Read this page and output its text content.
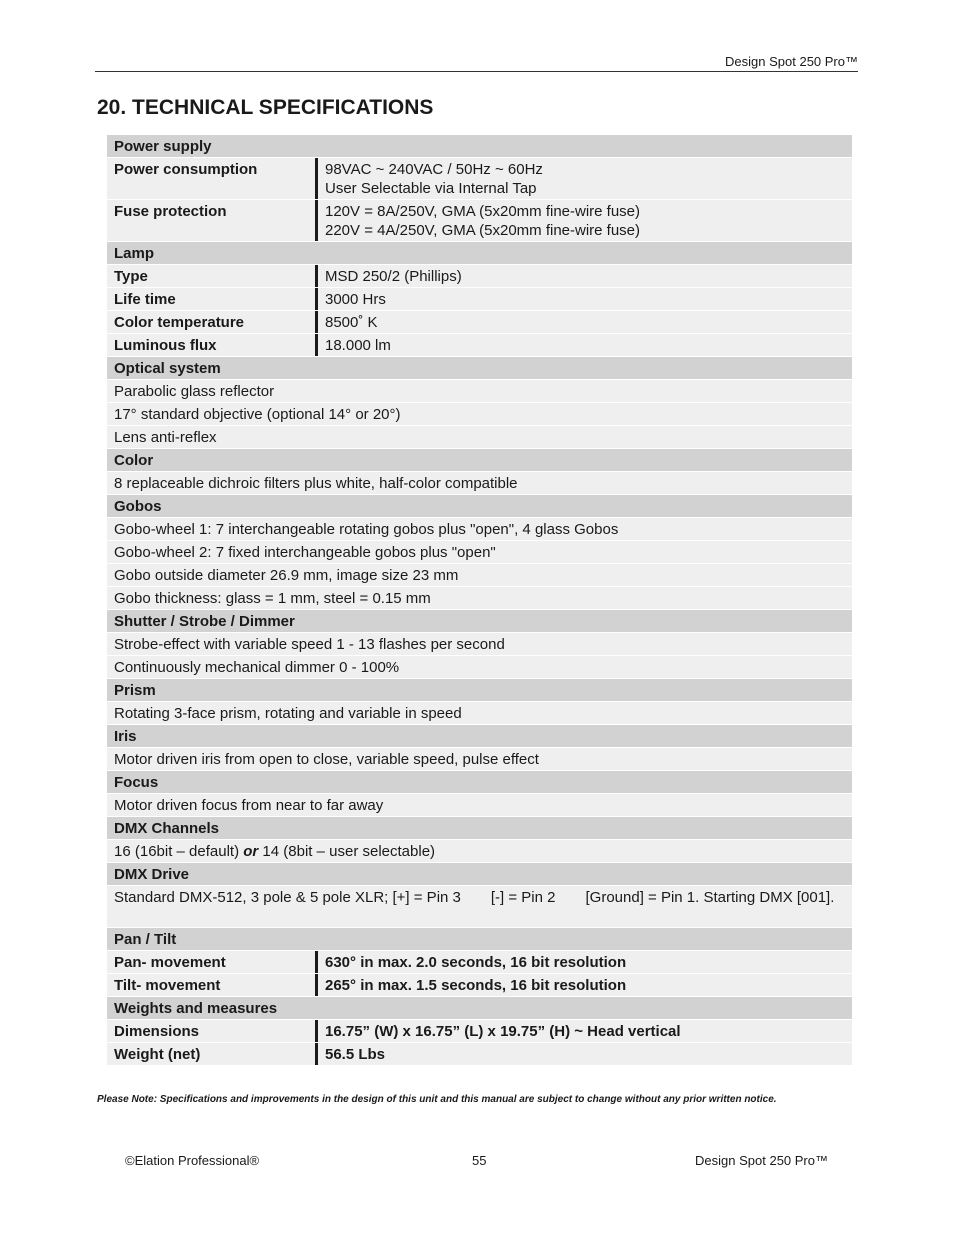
Design Spot 250 Pro™
20. TECHNICAL SPECIFICATIONS
Power supply
Power consumption	98VAC ~ 240VAC / 50Hz ~ 60Hz
User Selectable via Internal Tap
Fuse protection	120V = 8A/250V, GMA (5x20mm fine-wire fuse)
220V = 4A/250V, GMA (5x20mm fine-wire fuse)
Lamp
Type	MSD 250/2 (Phillips)
Life time	3000 Hrs
Color temperature	8500˚ K
Luminous flux	18.000 lm
Optical system
Parabolic glass reflector
17° standard objective (optional 14° or 20°)
Lens anti-reflex
Color
8 replaceable dichroic filters plus white, half-color compatible
Gobos
Gobo-wheel 1: 7 interchangeable rotating gobos plus "open", 4 glass Gobos
Gobo-wheel 2: 7 fixed interchangeable gobos plus "open"
Gobo outside diameter 26.9 mm, image size 23 mm
Gobo thickness: glass = 1 mm, steel = 0.15 mm
Shutter / Strobe / Dimmer
Strobe-effect with variable speed 1 - 13 flashes per second
Continuously mechanical dimmer 0 - 100%
Prism
Rotating 3-face prism, rotating and variable in speed
Iris
Motor driven iris from open to close, variable speed, pulse effect
Focus
Motor driven focus from near to far away
DMX Channels
16 (16bit – default) or 14 (8bit – user selectable)
DMX Drive
Standard DMX-512, 3 pole & 5 pole XLR; [+] = Pin 3 [-] = Pin 2 [Ground] = Pin 1. Starting DMX [001].
Pan / Tilt
Pan- movement	630° in max. 2.0 seconds, 16 bit resolution
Tilt- movement	265° in max. 1.5 seconds, 16 bit resolution
Weights and measures
Dimensions	16.75” (W) x 16.75” (L) x 19.75” (H) ~ Head vertical
Weight (net)	56.5 Lbs
Please Note: Specifications and improvements in the design of this unit and this manual are subject to change without any prior written notice.
©Elation Professional®	55	Design Spot 250 Pro™
